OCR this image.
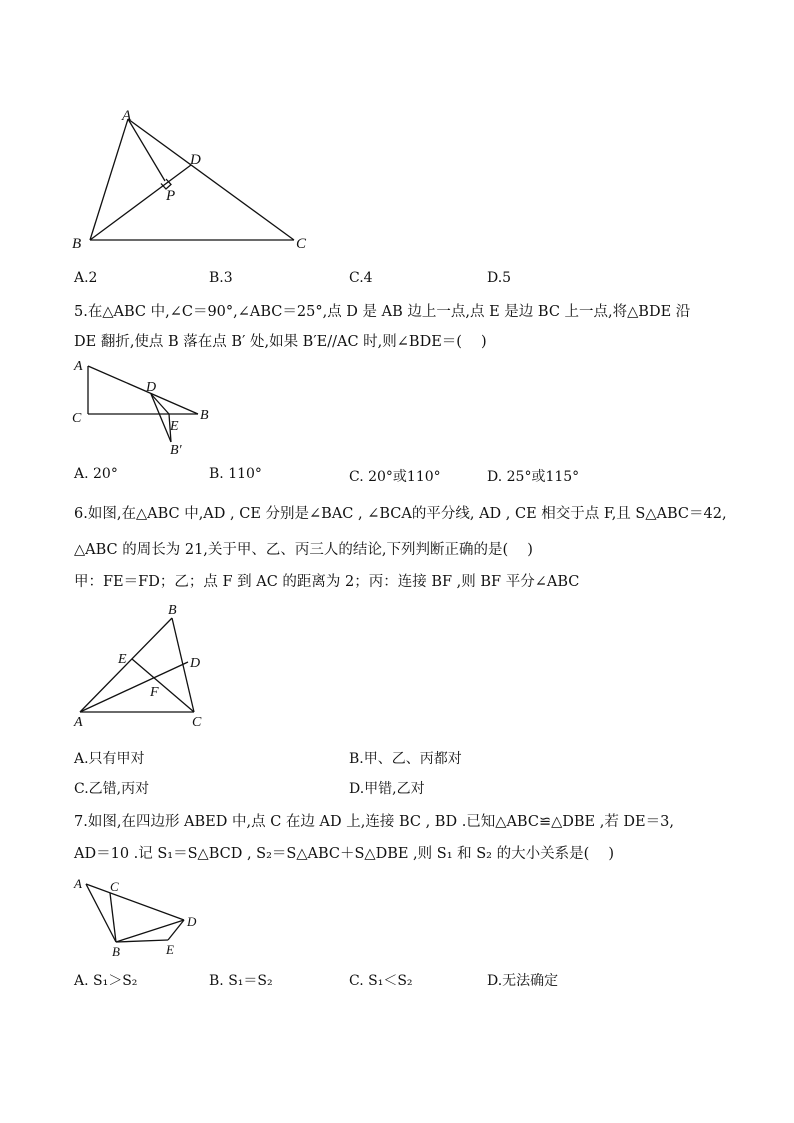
A
B	C
D
P
A.2	B.3	C.4	D.5
5.在△ABC 中,∠C＝90°,∠ABC＝25°,点 D 是 AB 边上一点,点 E 是边 BC 上一点,将△BDE 沿
DE 翻折,使点 B 落在点 B′ 处,如果 B′E//AC 时,则∠BDE＝(　 )
A
C
D
B
E
B′
A. 20°	B. 110°	C. 20°或110°	D. 25°或115°
6.如图,在△ABC 中,AD , CE 分别是∠BAC , ∠BCA的平分线, AD , CE 相交于点 F,且 S△ABC＝42,
△ABC 的周长为 21,关于甲、乙、丙三人的结论,下列判断正确的是(　 )
甲：FE＝FD；乙；点 F 到 AC 的距离为 2；丙：连接 BF ,则 BF 平分∠ABC
B
E	D
F
A	C
A.只有甲对	B.甲、乙、丙都对
C.乙错,丙对	D.甲错,乙对
7.如图,在四边形 ABED 中,点 C 在边 AD 上,连接 BC , BD .已知△ABC≌△DBE ,若 DE＝3,
AD＝10 .记 S₁＝S△BCD , S₂＝S△ABC＋S△DBE ,则 S₁ 和 S₂ 的大小关系是(　 )
A C
D
B	E
A. S₁＞S₂	B. S₁＝S₂	C. S₁＜S₂	D.无法确定
